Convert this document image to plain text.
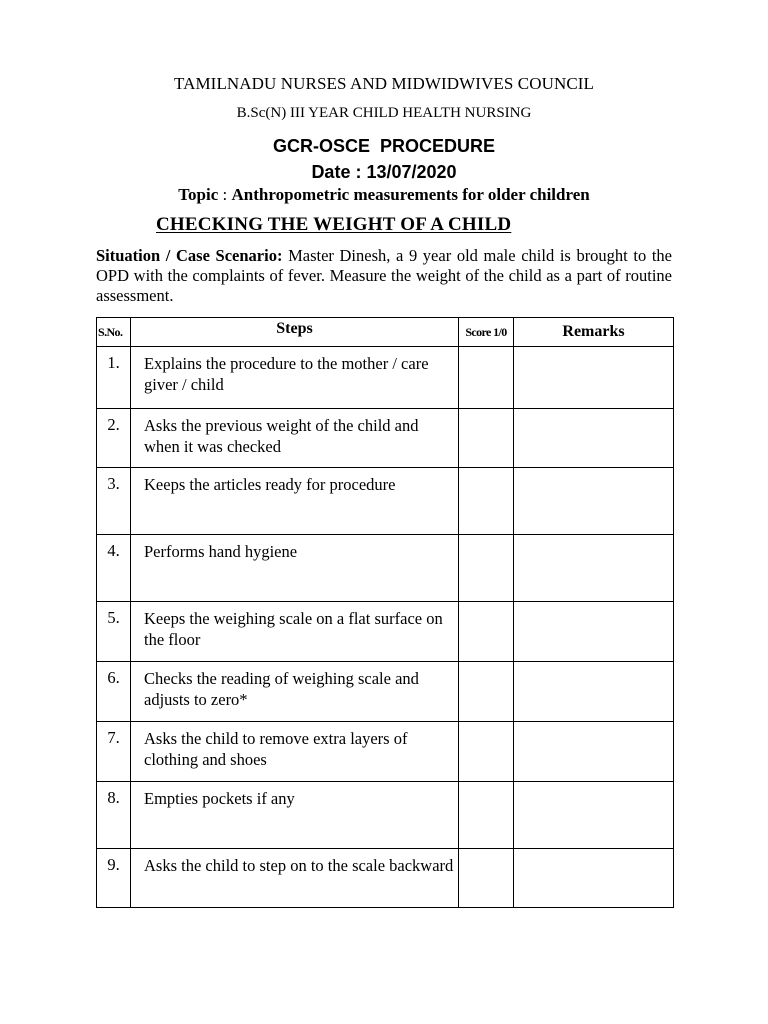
TAMILNADU NURSES AND MIDWIDWIVES COUNCIL
B.Sc(N) III YEAR CHILD HEALTH NURSING
GCR-OSCE  PROCEDURE
Date : 13/07/2020
Topic : Anthropometric measurements for older children
CHECKING THE WEIGHT OF A CHILD
Situation / Case Scenario: Master Dinesh, a 9 year old male child is brought to the OPD with the complaints of fever. Measure the weight of the child as a part of routine assessment.
S.No.	Steps	Score 1/0	Remarks
1.	Explains the procedure to the mother / care giver / child		
2.	Asks the previous weight of the child and when it was checked		
3.	Keeps the articles ready for procedure		
4.	Performs hand hygiene		
5.	Keeps the weighing scale on a flat surface on the floor		
6.	Checks the reading of weighing scale and adjusts to zero*		
7.	Asks the child to remove extra layers of clothing and shoes		
8.	Empties pockets if any		
9.	Asks the child to step on to the scale backward		
